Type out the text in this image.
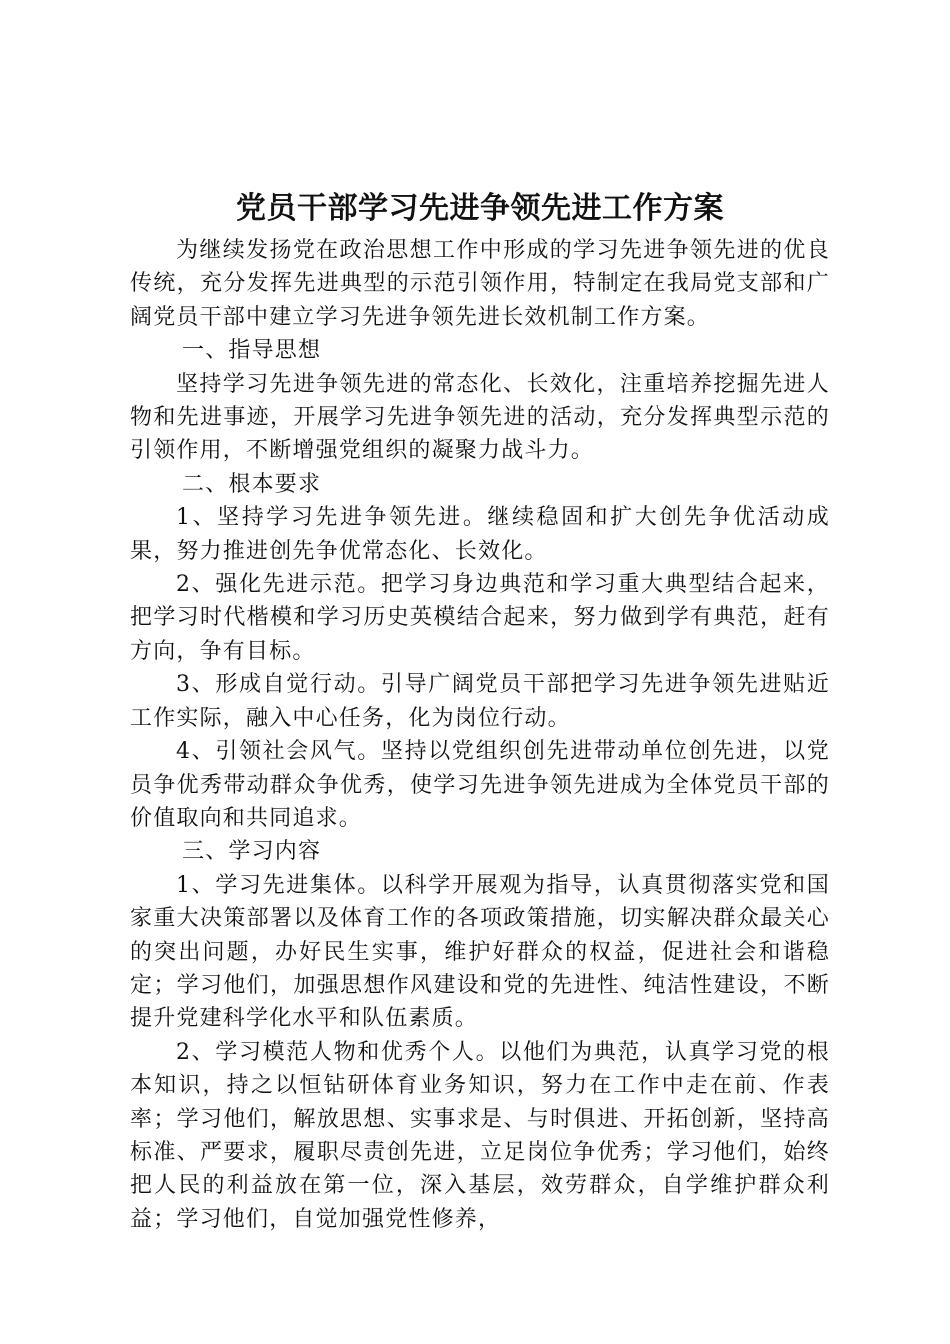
党员干部学习先进争领先进工作方案

为继续发扬党在政治思想工作中形成的学习先进争领先进的优良传统，充分发挥先进典型的示范引领作用，特制定在我局党支部和广阔党员干部中建立学习先进争领先进长效机制工作方案。

一、指导思想

坚持学习先进争领先进的常态化、长效化，注重培养挖掘先进人物和先进事迹，开展学习先进争领先进的活动，充分发挥典型示范的引领作用，不断增强党组织的凝聚力战斗力。

二、根本要求

1、坚持学习先进争领先进。继续稳固和扩大创先争优活动成果，努力推进创先争优常态化、长效化。

2、强化先进示范。把学习身边典范和学习重大典型结合起来，把学习时代楷模和学习历史英模结合起来，努力做到学有典范，赶有方向，争有目标。

3、形成自觉行动。引导广阔党员干部把学习先进争领先进贴近工作实际，融入中心任务，化为岗位行动。

4、引领社会风气。坚持以党组织创先进带动单位创先进，以党员争优秀带动群众争优秀，使学习先进争领先进成为全体党员干部的价值取向和共同追求。

三、学习内容

1、学习先进集体。以科学开展观为指导，认真贯彻落实党和国家重大决策部署以及体育工作的各项政策措施，切实解决群众最关心的突出问题，办好民生实事，维护好群众的权益，促进社会和谐稳定；学习他们，加强思想作风建设和党的先进性、纯洁性建设，不断提升党建科学化水平和队伍素质。

2、学习模范人物和优秀个人。以他们为典范，认真学习党的根本知识，持之以恒钻研体育业务知识，努力在工作中走在前、作表率；学习他们，解放思想、实事求是、与时俱进、开拓创新，坚持高标准、严要求，履职尽责创先进，立足岗位争优秀；学习他们，始终把人民的利益放在第一位，深入基层，效劳群众，自学维护群众利益；学习他们，自觉加强党性修养，
